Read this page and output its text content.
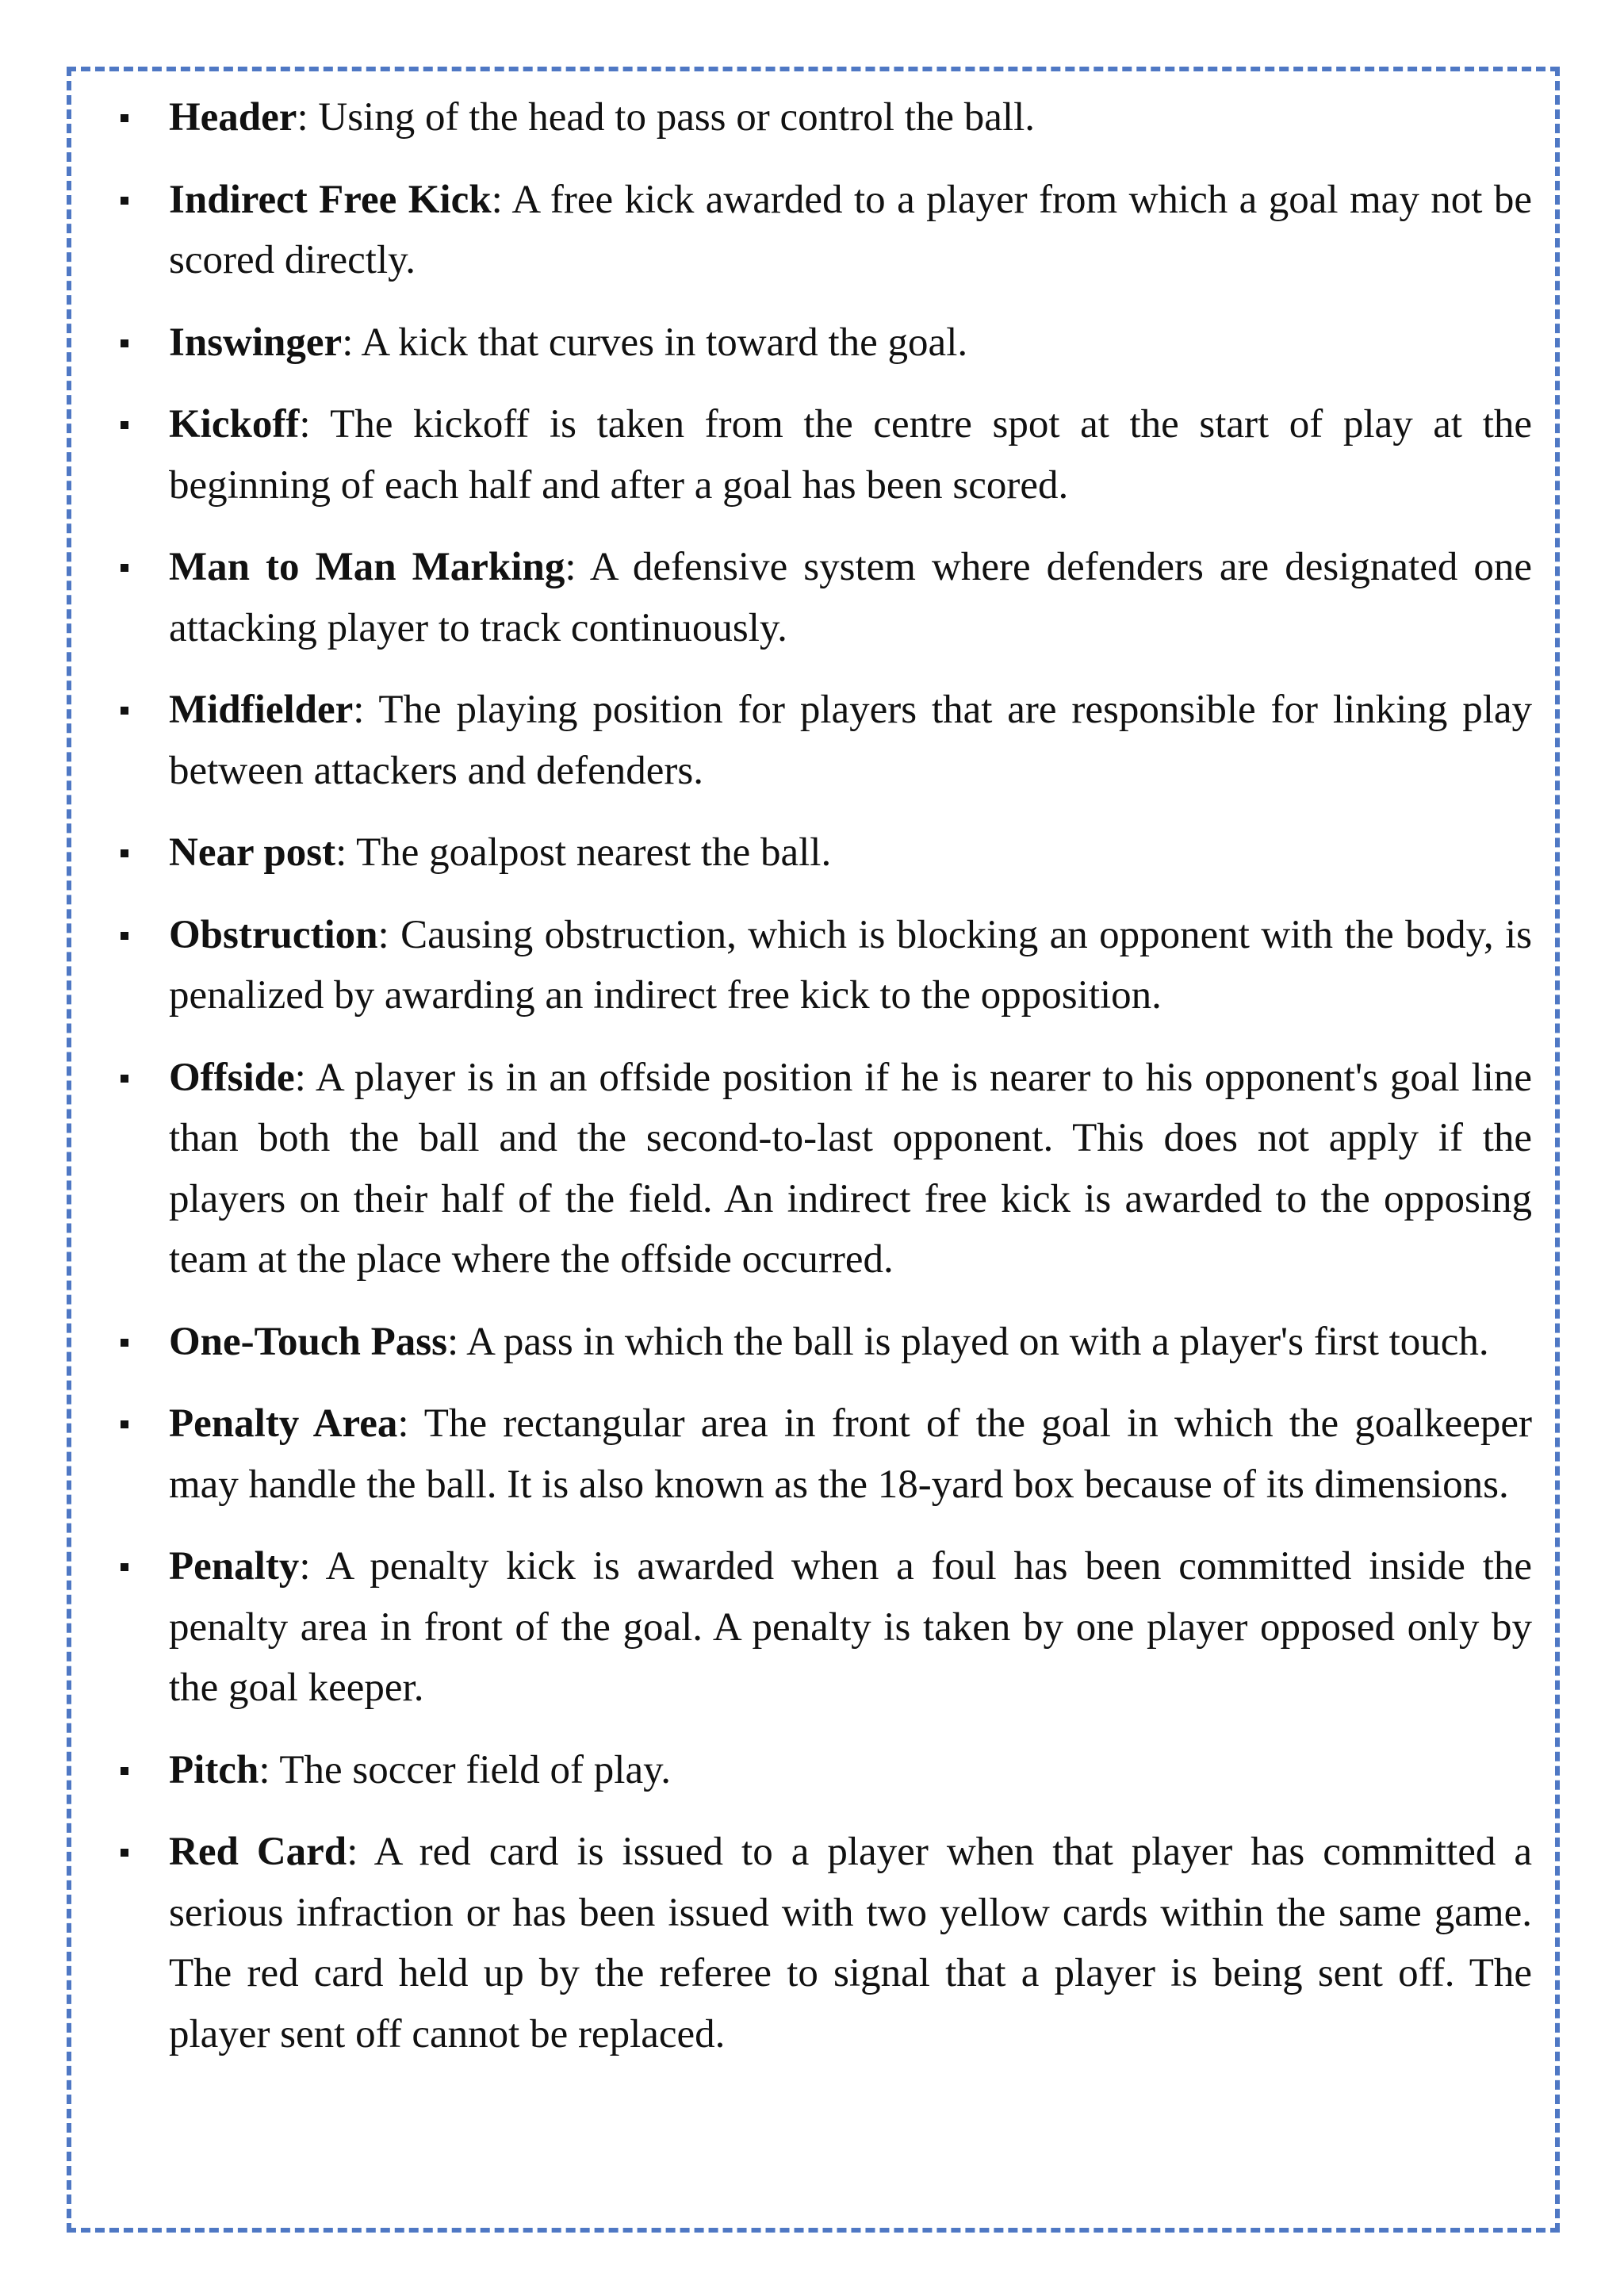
Header: Using of the head to pass or control the ball.
Indirect Free Kick: A free kick awarded to a player from which a goal may not be scored directly.
Inswinger: A kick that curves in toward the goal.
Kickoff: The kickoff is taken from the centre spot at the start of play at the beginning of each half and after a goal has been scored.
Man to Man Marking: A defensive system where defenders are designated one attacking player to track continuously.
Midfielder: The playing position for players that are responsible for linking play between attackers and defenders.
Near post: The goalpost nearest the ball.
Obstruction: Causing obstruction, which is blocking an opponent with the body, is penalized by awarding an indirect free kick to the opposition.
Offside: A player is in an offside position if he is nearer to his opponent's goal line than both the ball and the second-to-last opponent. This does not apply if the players on their half of the field. An indirect free kick is awarded to the opposing team at the place where the offside occurred.
One-Touch Pass: A pass in which the ball is played on with a player's first touch.
Penalty Area: The rectangular area in front of the goal in which the goalkeeper may handle the ball. It is also known as the 18-yard box because of its dimensions.
Penalty: A penalty kick is awarded when a foul has been committed inside the penalty area in front of the goal. A penalty is taken by one player opposed only by the goal keeper.
Pitch: The soccer field of play.
Red Card: A red card is issued to a player when that player has committed a serious infraction or has been issued with two yellow cards within the same game. The red card held up by the referee to signal that a player is being sent off. The player sent off cannot be replaced.
